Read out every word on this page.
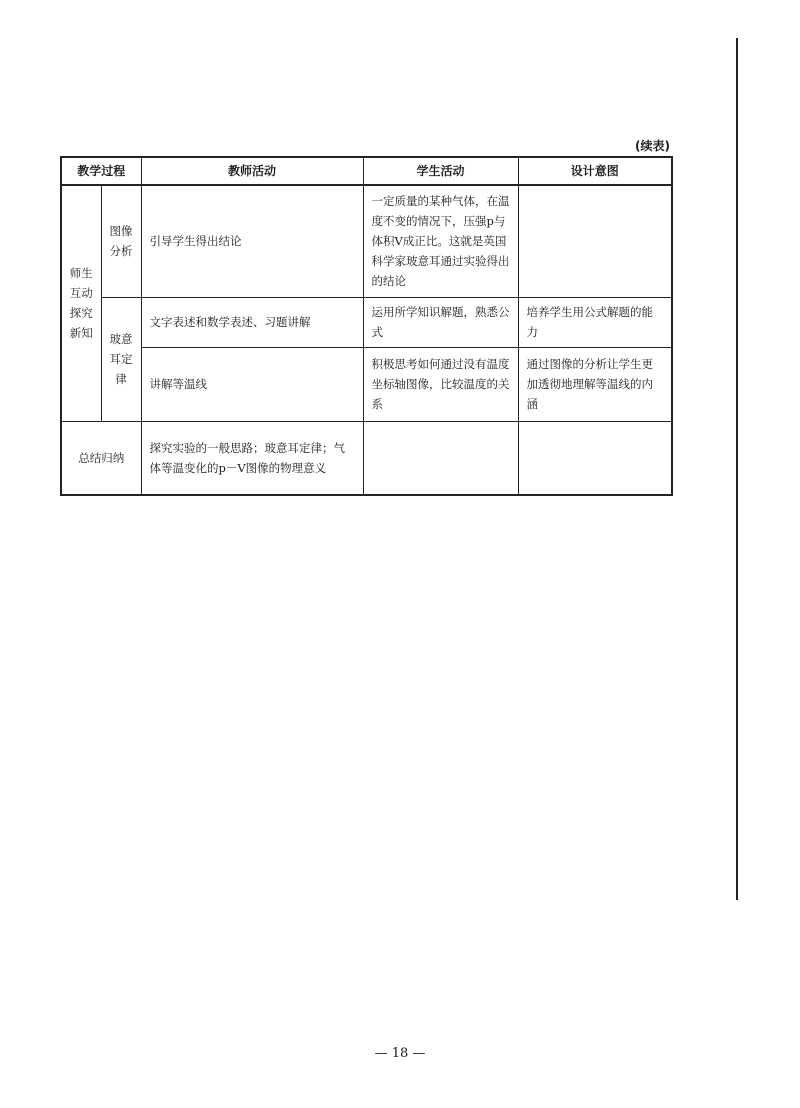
(续表)
教学过程		教师活动	学生活动	设计意图
师生互动探究新知	图像分析	引导学生得出结论	一定质量的某种气体，在温度不变的情况下，压强p与体积V成正比。这就是英国科学家玻意耳通过实验得出的结论	
	玻意耳定律	文字表述和数学表述、习题讲解	运用所学知识解题，熟悉公式	培养学生用公式解题的能力
		讲解等温线	积极思考如何通过没有温度坐标轴图像，比较温度的关系	通过图像的分析让学生更加透彻地理解等温线的内涵
总结归纳		探究实验的一般思路；玻意耳定律；气体等温变化的p－V图像的物理意义		
— 18 —
